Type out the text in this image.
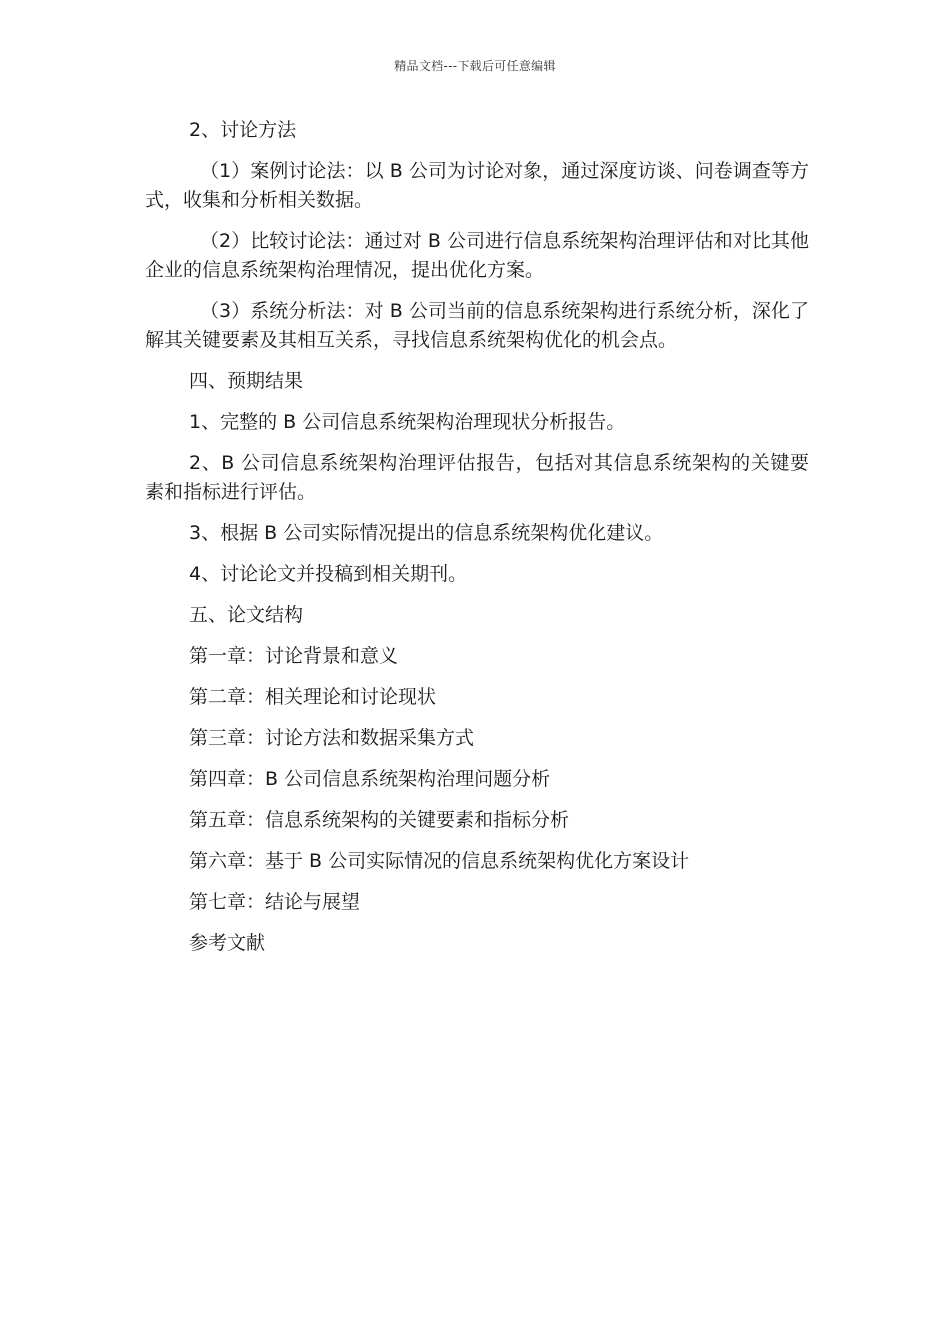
精品文档---下载后可任意编辑

2、讨论方法

（1）案例讨论法：以 B 公司为讨论对象，通过深度访谈、问卷调查等方式，收集和分析相关数据。

（2）比较讨论法：通过对 B 公司进行信息系统架构治理评估和对比其他企业的信息系统架构治理情况，提出优化方案。

（3）系统分析法：对 B 公司当前的信息系统架构进行系统分析，深化了解其关键要素及其相互关系，寻找信息系统架构优化的机会点。

四、预期结果

1、完整的 B 公司信息系统架构治理现状分析报告。

2、B 公司信息系统架构治理评估报告，包括对其信息系统架构的关键要素和指标进行评估。

3、根据 B 公司实际情况提出的信息系统架构优化建议。

4、讨论论文并投稿到相关期刊。

五、论文结构

第一章：讨论背景和意义

第二章：相关理论和讨论现状

第三章：讨论方法和数据采集方式

第四章：B 公司信息系统架构治理问题分析

第五章：信息系统架构的关键要素和指标分析

第六章：基于 B 公司实际情况的信息系统架构优化方案设计

第七章：结论与展望

参考文献
